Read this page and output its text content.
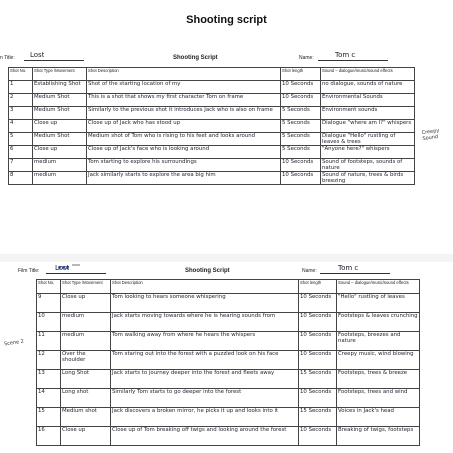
Shooting script
n Title: Lost	Shooting Script	Name:	Tom c
Shot No.	Shot Type /Movement	Shot Description	Shot length	Sound – dialogue/music/sound effects
1	Establishing Shot	Shot of the starting location of my	10 Seconds	no dialogue, sounds of nature
2	Medium Shot	This is a shot that shows my first character Tom on frame	10 Seconds	Environmental Sounds
3	Medium Shot	Similarly to the previous shot it introduces Jack who is also on frame	5 Seconds	Environment sounds
4	Close up	Close up of Jack who has stood up	5 Seconds	Dialogue "where am I?" whispers
5	Medium Shot	Medium shot of Tom who is rising to his feet and looks around	5 Seconds	Dialogue "Hello" rustling of leaves & trees
6	Close up	Close up of Jack's face who is looking around	5 Seconds	"Anyone here?" whispers
7	medium	Tom starting to explore his surroundings	10 Seconds	Sound of footsteps, sounds of nature
8	medium	Jack similarly starts to explore the area big him	10 Seconds	Sound of nature, trees & birds breezing
Creepy Sound
Film Title: Lost	Shooting Script	Name:	Tom c
Shot No.	Shot Type /Movement	Shot Description	Shot length	Sound – dialogue/music/sound effects
9	Close up	Tom looking to hears someone whispering	10 Seconds	"Hello" rustling of leaves
10	medium	Jack starts moving towards where he is hearing sounds from	10 Seconds	Footsteps & leaves crunching
11	medium	Tom walking away from where he hears the whispers	10 Seconds	Footsteps, breezes and nature
12	Over the shoulder	Tom staring out into the forest with a puzzled look on his face	10 Seconds	Creepy music, wind blowing
13	Long Shot	Jack starts to journey deeper into the forest and fleets away	15 Seconds	Footsteps, trees & breeze
14	Long shot	Similarly Tom starts to go deeper into the forest	10 Seconds	Footsteps, trees and wind
15	Medium shot	Jack discovers a broken mirror, he picks it up and looks into it	15 Seconds	Voices in Jack's head
16	Close up	Close up of Tom breaking off twigs and looking around the forest	10 Seconds	Breaking of twigs, footsteps
Scene 2
